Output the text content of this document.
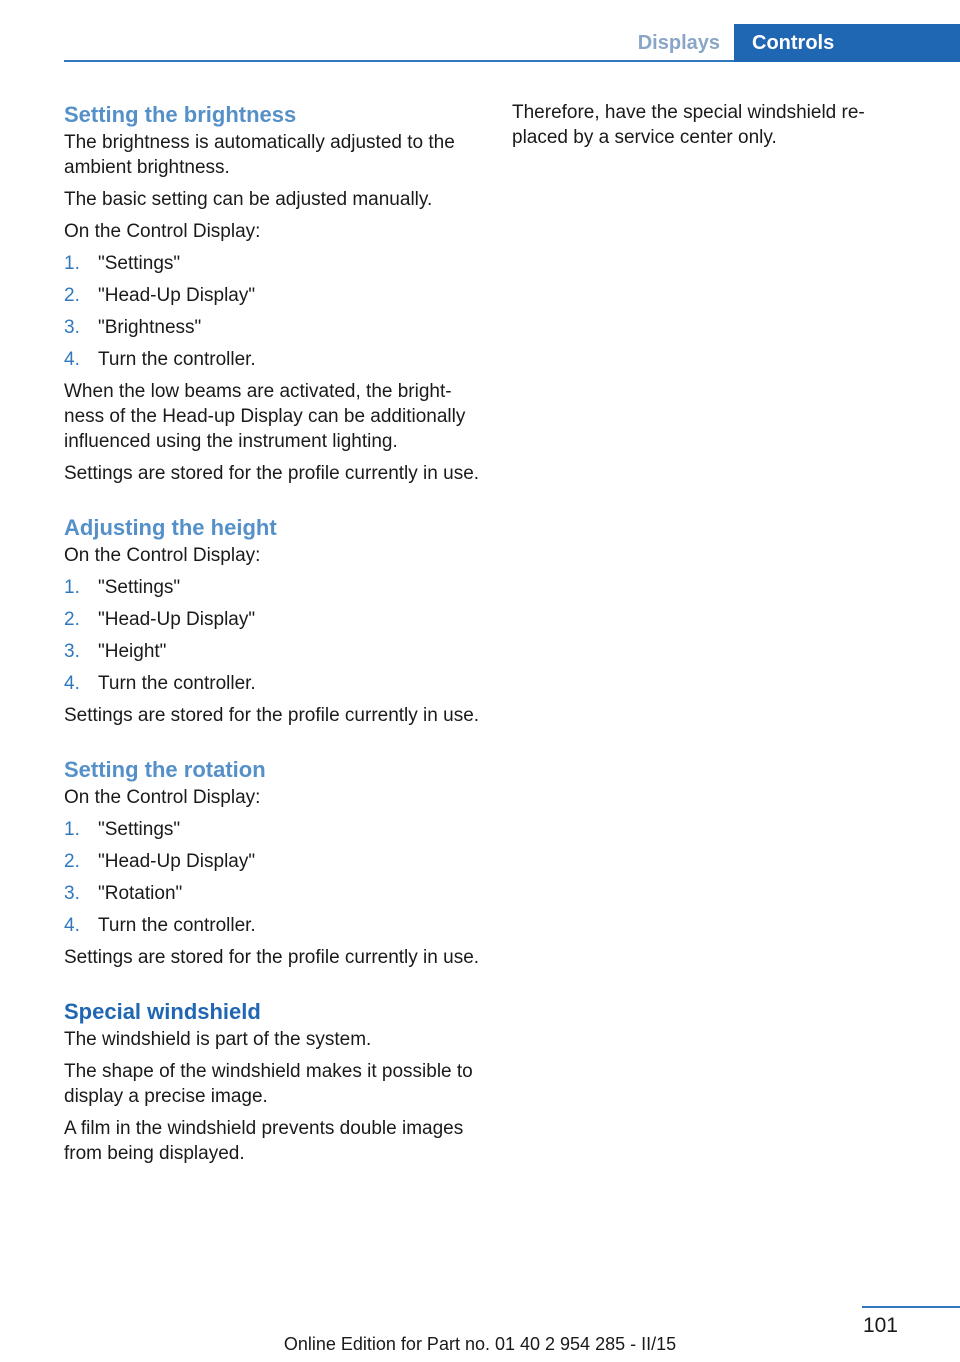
Displays	Controls
Setting the brightness

The brightness is automatically adjusted to the ambient brightness.

The basic setting can be adjusted manually.

On the Control Display:

1. "Settings"
2. "Head-Up Display"
3. "Brightness"
4. Turn the controller.

When the low beams are activated, the brightness of the Head-up Display can be additionally influenced using the instrument lighting.

Settings are stored for the profile currently in use.

Adjusting the height

On the Control Display:

1. "Settings"
2. "Head-Up Display"
3. "Height"
4. Turn the controller.

Settings are stored for the profile currently in use.

Setting the rotation

On the Control Display:

1. "Settings"
2. "Head-Up Display"
3. "Rotation"
4. Turn the controller.

Settings are stored for the profile currently in use.

Special windshield

The windshield is part of the system.

The shape of the windshield makes it possible to display a precise image.

A film in the windshield prevents double images from being displayed.

Therefore, have the special windshield replaced by a service center only.

101
Online Edition for Part no. 01 40 2 954 285 - II/15
